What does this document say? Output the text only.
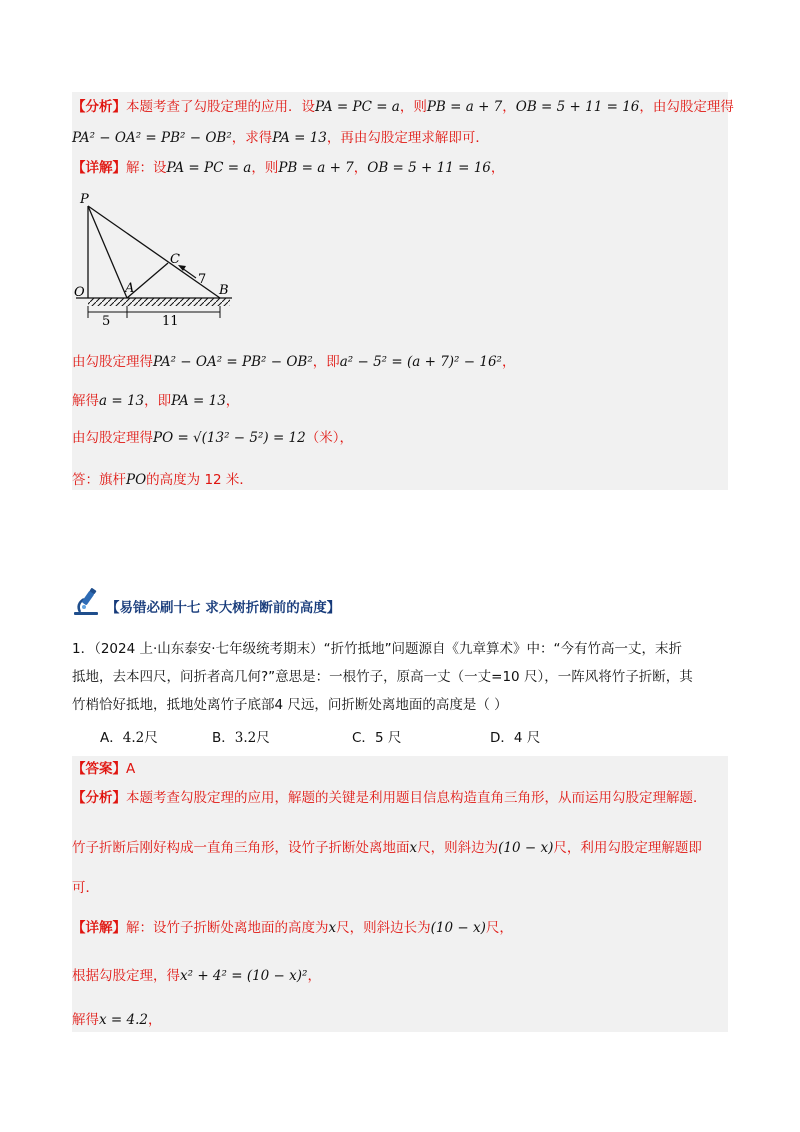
【分析】本题考查了勾股定理的应用．设PA = PC = a，则PB = a + 7，OB = 5 + 11 = 16，由勾股定理得
PA² − OA² = PB² − OB²，求得PA = 13，再由勾股定理求解即可．
【详解】解：设PA = PC = a，则PB = a + 7，OB = 5 + 11 = 16，
P
O	A	B
C
7
5	11
由勾股定理得PA² − OA² = PB² − OB²，即a² − 5² = (a + 7)² − 16²，
解得a = 13，即PA = 13，
由勾股定理得PO = √(13² − 5²) = 12（米），
答：旗杆PO的高度为 12 米．
【易错必刷十七 求大树折断前的高度】
1．（2024 上·山东泰安·七年级统考期末）“折竹抵地”问题源自《九章算术》中：“今有竹高一丈，末折
抵地，去本四尺，问折者高几何?”意思是：一根竹子，原高一丈（一丈=10 尺），一阵风将竹子折断，其
竹梢恰好抵地，抵地处离竹子底部4 尺远，问折断处离地面的高度是（ ）
A．4.2尺	B．3.2尺	C．5 尺	D．4 尺
【答案】A
【分析】本题考查勾股定理的应用，解题的关键是利用题目信息构造直角三角形，从而运用勾股定理解题．
竹子折断后刚好构成一直角三角形，设竹子折断处离地面x尺，则斜边为(10 − x)尺，利用勾股定理解题即
可．
【详解】解：设竹子折断处离地面的高度为x尺，则斜边长为(10 − x)尺，
根据勾股定理，得x² + 4² = (10 − x)²，
解得x = 4.2，
